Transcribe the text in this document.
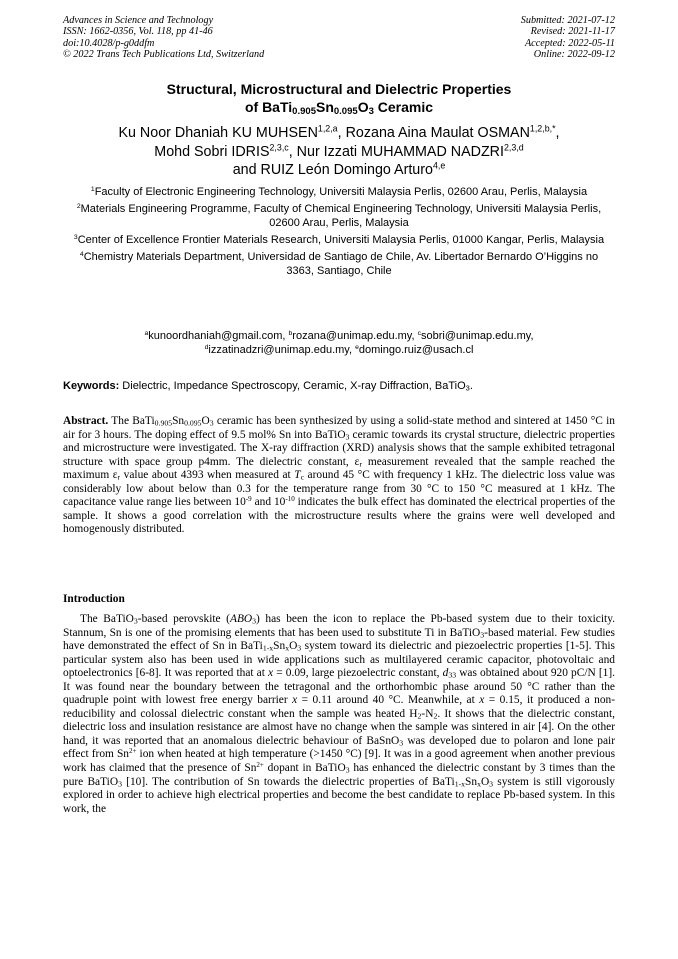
Advances in Science and Technology
ISSN: 1662-0356, Vol. 118, pp 41-46
doi:10.4028/p-g0ddfm
© 2022 Trans Tech Publications Ltd, Switzerland
Submitted: 2021-07-12
Revised: 2021-11-17
Accepted: 2022-05-11
Online: 2022-09-12
Structural, Microstructural and Dielectric Properties
of $BaTi_{0.905}Sn_{0.095}O_3$ Ceramic
Ku Noor Dhaniah KU MUHSEN$^{1,2,a}$, Rozana Aina Maulat $OSMAN^{1,2,b,*}$,
Mohd Sobri IDRIS$^{2,3,c}$, Nur Izzati MUHAMMAD NADZRI$^{2,3,d}$
and RUIZ León Domingo Arturo$^{4,e}$
$^1$Faculty of Electronic Engineering Technology, Universiti Malaysia Perlis, 02600 Arau, Perlis, Malaysia
$^2$Materials Engineering Programme, Faculty of Chemical Engineering Technology, Universiti Malaysia Perlis, 02600 Arau, Perlis, Malaysia
$^3$Center of Excellence Frontier Materials Research, Universiti Malaysia Perlis, 01000 Kangar, Perlis, Malaysia
$^4$Chemistry Materials Department, Universidad de Santiago de Chile, Av. Libertador Bernardo O’Higgins no 3363, Santiago, Chile
$^a$kunoordhaniah@gmail.com, $^b$rozana@unimap.edu.my, $^c$sobri@unimap.edu.my,
$^d$izzatinadzri@unimap.edu.my, $^e$domingo.ruiz@usach.cl
Keywords: Dielectric, Impedance Spectroscopy, Ceramic, X-ray Diffraction, BaTiO$_3$.

Abstract. The $BaTi_{0.905}Sn_{0.095}O_3$ ceramic has been synthesized by using a solid-state method and sintered at 1450 °C in air for 3 hours. The doping effect of 9.5 mol% Sn into BaTiO$_3$ ceramic towards its crystal structure, dielectric properties and microstructure were investigated. The X-ray diffraction (XRD) analysis shows that the sample exhibited tetragonal structure with space group p4mm. The dielectric constant, $\varepsilon_r$ measurement revealed that the sample reached the maximum $\varepsilon_r$ value about 4393 when measured at $T_c$ around 45 °C with frequency 1 kHz. The dielectric loss value was considerably low about below than 0.3 for the temperature range from 30 °C to 150 °C measured at 1 kHz. The capacitance value range lies between $10^{-9}$ and $10^{-10}$ indicates the bulk effect has dominated the electrical properties of the sample. It shows a good correlation with the microstructure results where the grains were well developed and homogenously distributed.

Introduction

The BaTiO$_3$-based perovskite $(ABO_3)$ has been the icon to replace the Pb-based system due to their toxicity. Stannum, Sn is one of the promising elements that has been used to substitute Ti in BaTiO$_3$-based material. Few studies have demonstrated the effect of Sn in $BaTi_{1-x}Sn_xO_3$ system toward its dielectric and piezoelectric properties [1-5]. This particular system also has been used in wide applications such as multilayered ceramic capacitor, photovoltaic and optoelectronics [6-8]. It was reported that at x = 0.09, large piezoelectric constant, $d_{33}$ was obtained about 920 pC/N [1]. It was found near the boundary between the tetragonal and the orthorhombic phase around 50 °C rather than the quadruple point with lowest free energy barrier x = 0.11 around 40 °C. Meanwhile, at x = 0.15, it produced a non-reducibility and colossal dielectric constant when the sample was heated $H_2-N_2$. It shows that the dielectric constant, dielectric loss and insulation resistance are almost have no change when the sample was sintered in air [4]. On the other hand, it was reported that an anomalous dielectric behaviour of BaSnO$_3$ was developed due to polaron and lone pair effect from $Sn^{2+}$ ion when heated at high temperature (>1450 °C) [9]. It was in a good agreement when another previous work has claimed that the presence of $Sn^{2+}$ dopant in BaTiO$_3$ has enhanced the dielectric constant by 3 times than the pure BaTiO$_3$ [10]. The contribution of Sn towards the dielectric properties of $BaTi_{1-x}Sn_xO_3$ system is still vigorously explored in order to achieve high electrical properties and become the best candidate to replace Pb-based system. In this work, the
